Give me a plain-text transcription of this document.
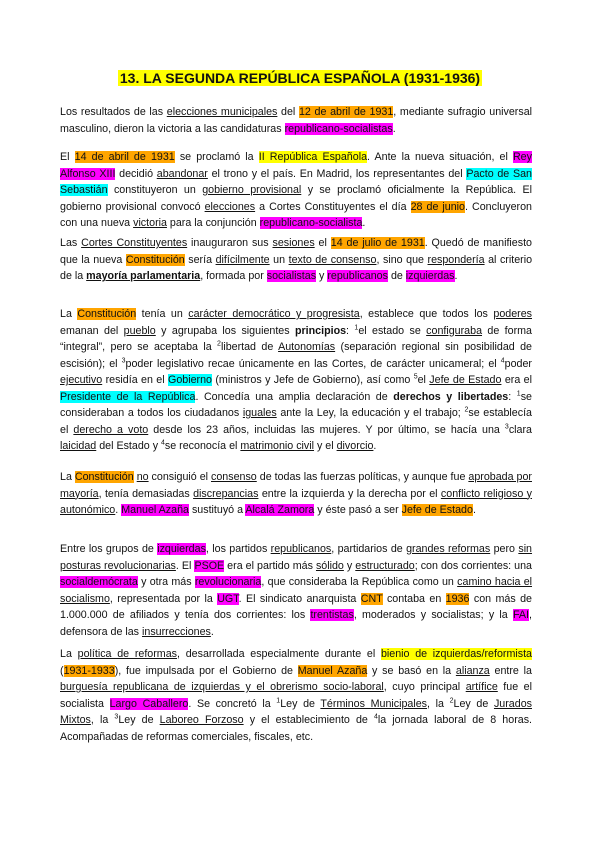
13. LA SEGUNDA REPÚBLICA ESPAÑOLA (1931-1936)
Los resultados de las elecciones municipales del 12 de abril de 1931, mediante sufragio universal masculino, dieron la victoria a las candidaturas republicano-socialistas.
El 14 de abril de 1931 se proclamó la II República Española. Ante la nueva situación, el Rey Alfonso XIII decidió abandonar el trono y el país. En Madrid, los representantes del Pacto de San Sebastián constituyeron un gobierno provisional y se proclamó oficialmente la República. El gobierno provisional convocó elecciones a Cortes Constituyentes el día 28 de junio. Concluyeron con una nueva victoria para la conjunción republicano-socialista.
Las Cortes Constituyentes inauguraron sus sesiones el 14 de julio de 1931. Quedó de manifiesto que la nueva Constitución sería difícilmente un texto de consenso, sino que respondería al criterio de la mayoría parlamentaria, formada por socialistas y republicanos de izquierdas.
La Constitución tenía un carácter democrático y progresista, establece que todos los poderes emanan del pueblo y agrupaba los siguientes principios: $^1$el estado se configuraba de forma “integral”, pero se aceptaba la $^2$libertad de Autonomías (separación regional sin posibilidad de escisión); el $^3$poder legislativo recae únicamente en las Cortes, de carácter unicameral; el $^4$poder ejecutivo residía en el Gobierno (ministros y Jefe de Gobierno), así como $^5$el Jefe de Estado era el Presidente de la República. Concedía una amplia declaración de derechos y libertades: $^1$se consideraban a todos los ciudadanos iguales ante la Ley, la educación y el trabajo; $^2$se establecía el derecho a voto desde los 23 años, incluidas las mujeres. Y por último, se hacía una $^3$clara laicidad del Estado y $^4$se reconocía el matrimonio civil y el divorcio.
La Constitución no consiguió el consenso de todas las fuerzas políticas, y aunque fue aprobada por mayoría, tenía demasiadas discrepancias entre la izquierda y la derecha por el conflicto religioso y autonómico. Manuel Azaña sustituyó a Alcalá Zamora y éste pasó a ser Jefe de Estado.
Entre los grupos de izquierdas, los partidos republicanos, partidarios de grandes reformas pero sin posturas revolucionarias. El PSOE era el partido más sólido y estructurado; con dos corrientes: una socialdemócrata y otra más revolucionaria, que consideraba la República como un camino hacia el socialismo, representada por la UGT. El sindicato anarquista CNT contaba en 1936 con más de 1.000.000 de afiliados y tenía dos corrientes: los trentistas, moderados y socialistas; y la FAI, defensora de las insurrecciones.
La política de reformas, desarrollada especialmente durante el bienio de izquierdas/reformista (1931-1933), fue impulsada por el Gobierno de Manuel Azaña y se basó en la alianza entre la burguesía republicana de izquierdas y el obrerismo socio-laboral, cuyo principal artífice fue el socialista Largo Caballero. Se concretó la $^1$Ley de Términos Municipales, la $^2$Ley de Jurados Mixtos, la $^3$Ley de Laboreo Forzoso y el establecimiento de $^4$la jornada laboral de 8 horas. Acompañadas de reformas comerciales, fiscales, etc.
